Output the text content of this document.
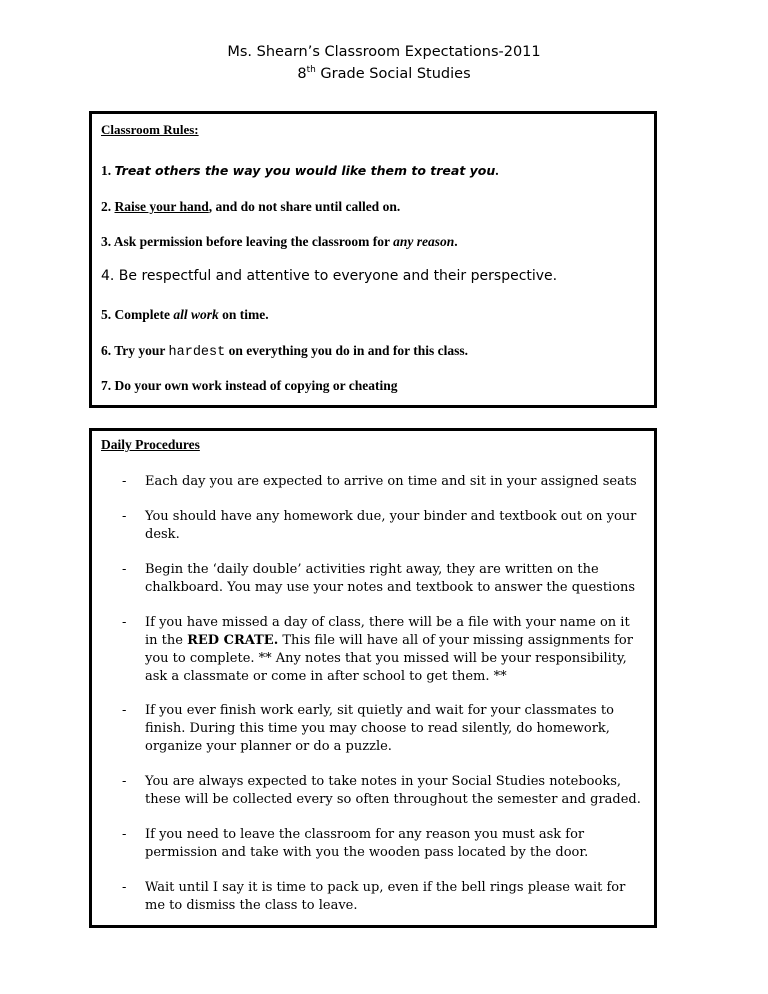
Ms. Shearn’s Classroom Expectations-2011
8th Grade Social Studies
Classroom Rules:
1. Treat others the way you would like them to treat you.
2. Raise your hand, and do not share until called on.
3. Ask permission before leaving the classroom for any reason.
4. Be respectful and attentive to everyone and their perspective.
5. Complete all work on time.
6. Try your hardest on everything you do in and for this class.
7. Do your own work instead of copying or cheating
Daily Procedures
- Each day you are expected to arrive on time and sit in your assigned seats
- You should have any homework due, your binder and textbook out on your desk.
- Begin the ‘daily double’ activities right away, they are written on the chalkboard. You may use your notes and textbook to answer the questions
- If you have missed a day of class, there will be a file with your name on it in the RED CRATE. This file will have all of your missing assignments for you to complete. ** Any notes that you missed will be your responsibility, ask a classmate or come in after school to get them. **
- If you ever finish work early, sit quietly and wait for your classmates to finish. During this time you may choose to read silently, do homework, organize your planner or do a puzzle.
- You are always expected to take notes in your Social Studies notebooks, these will be collected every so often throughout the semester and graded.
- If you need to leave the classroom for any reason you must ask for permission and take with you the wooden pass located by the door.
- Wait until I say it is time to pack up, even if the bell rings please wait for me to dismiss the class to leave.
